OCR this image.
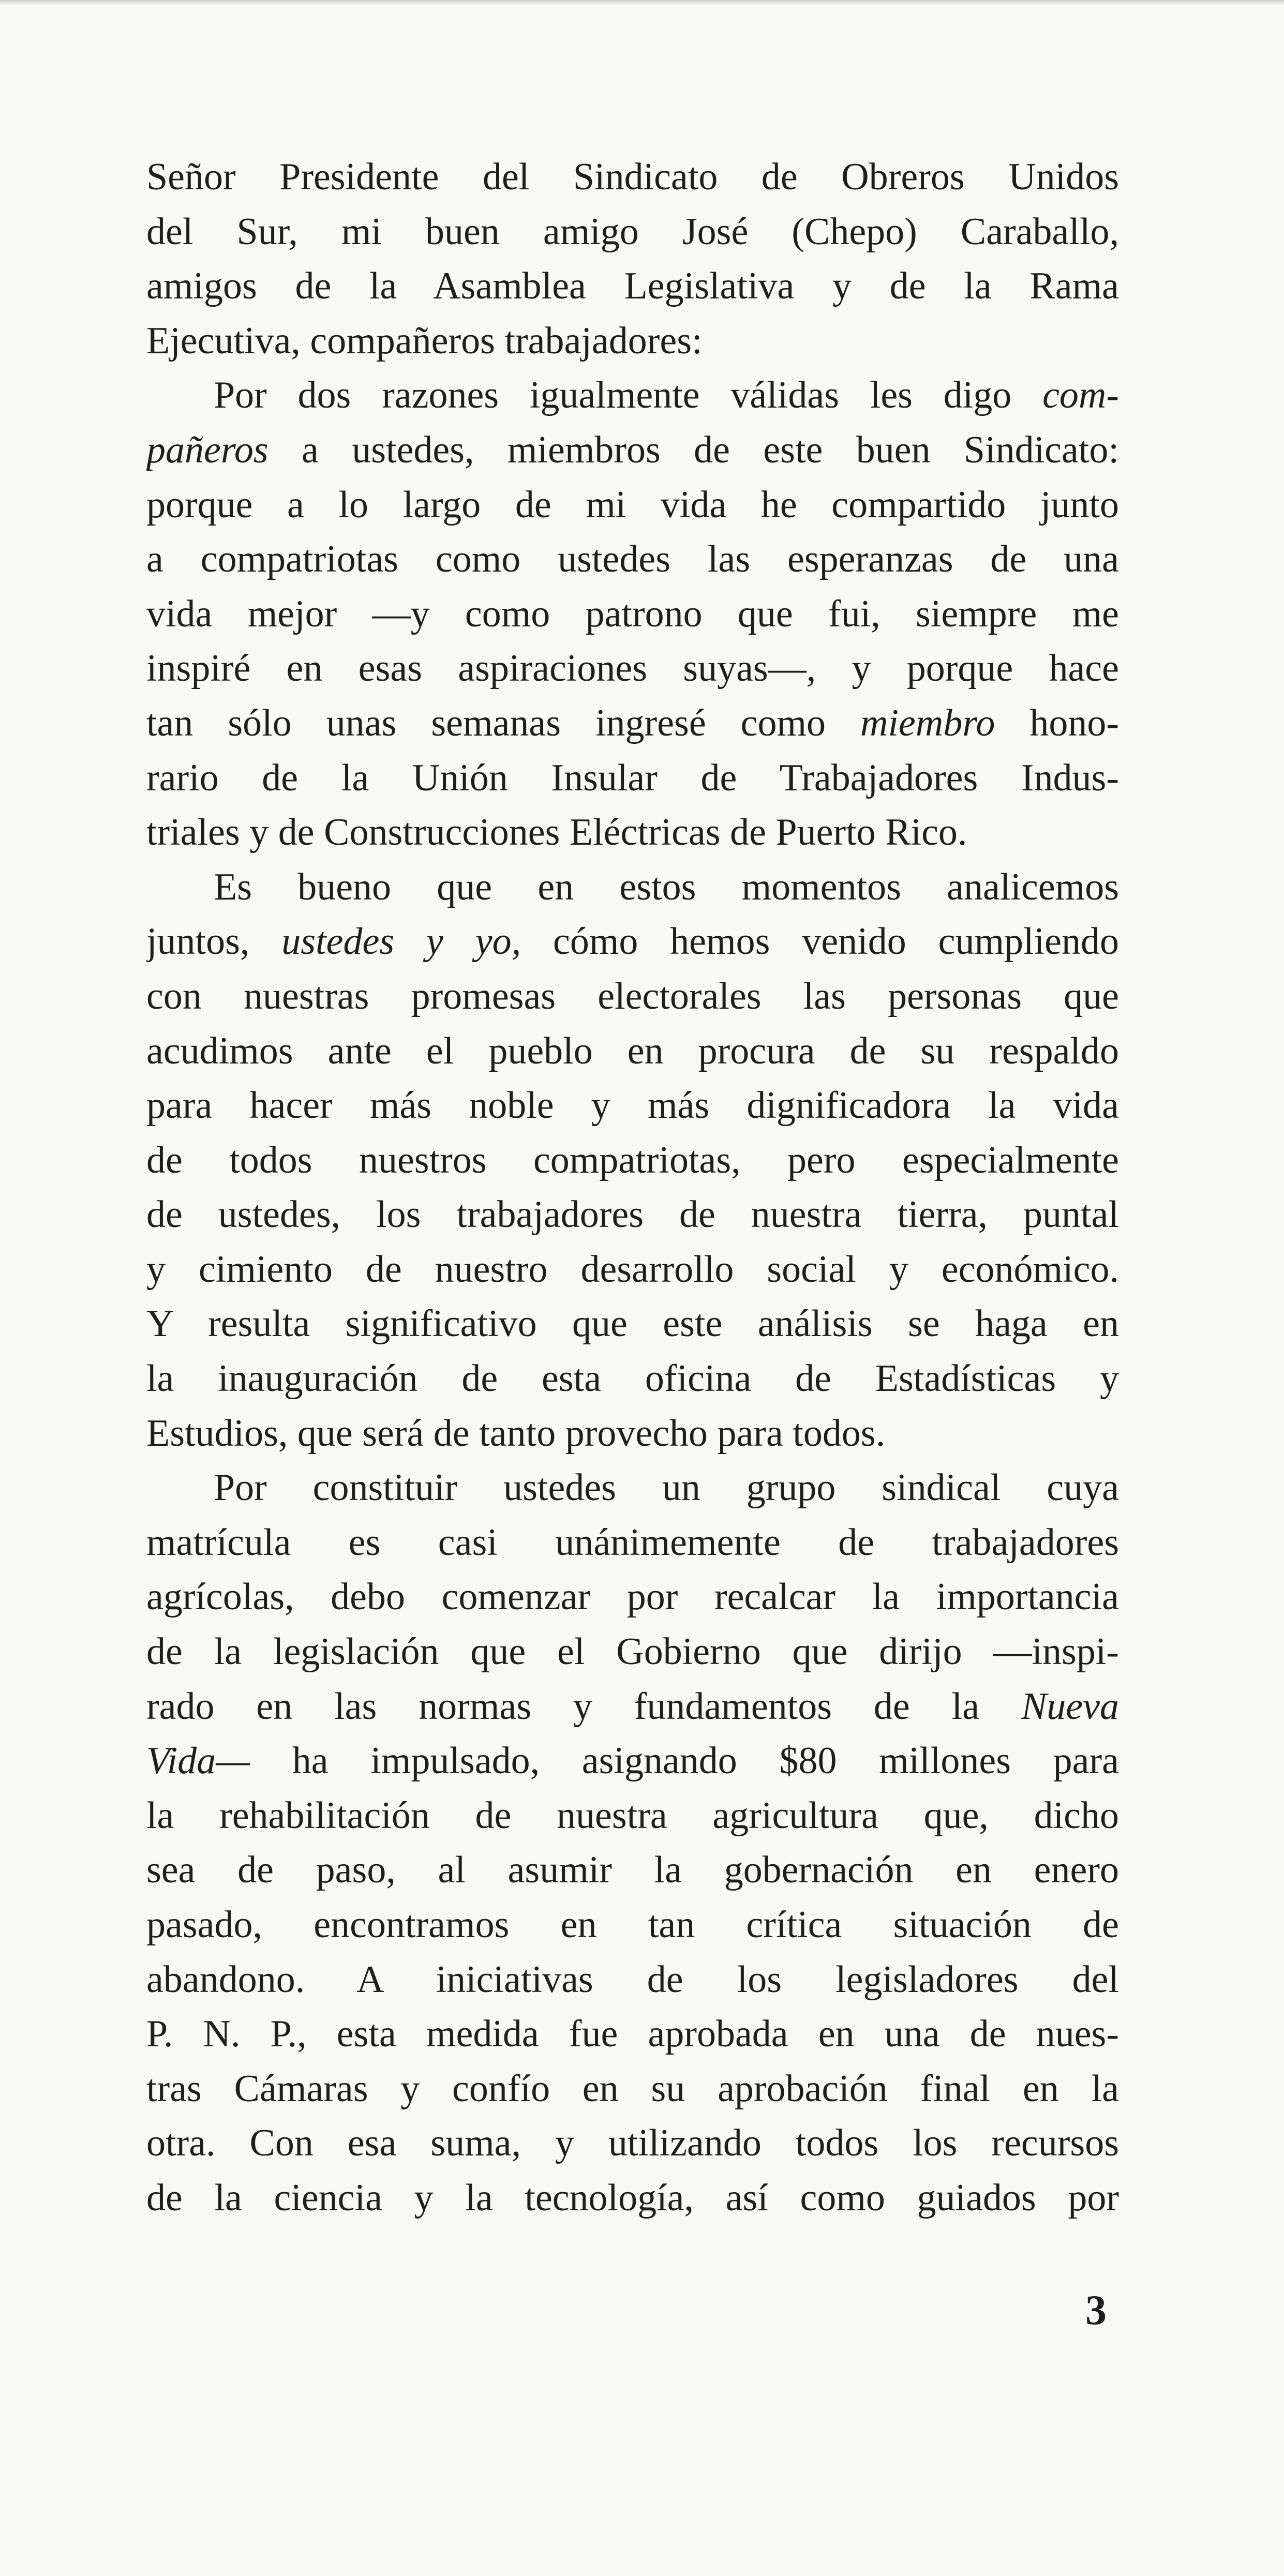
Señor Presidente del Sindicato de Obreros Unidos
del Sur, mi buen amigo José (Chepo) Caraballo,
amigos de la Asamblea Legislativa y de la Rama
Ejecutiva, compañeros trabajadores:
Por dos razones igualmente válidas les digo com-
pañeros a ustedes, miembros de este buen Sindicato:
porque a lo largo de mi vida he compartido junto
a compatriotas como ustedes las esperanzas de una
vida mejor —y como patrono que fui, siempre me
inspiré en esas aspiraciones suyas—, y porque hace
tan sólo unas semanas ingresé como miembro hono-
rario de la Unión Insular de Trabajadores Indus-
triales y de Construcciones Eléctricas de Puerto Rico.
Es bueno que en estos momentos analicemos
juntos, ustedes y yo, cómo hemos venido cumpliendo
con nuestras promesas electorales las personas que
acudimos ante el pueblo en procura de su respaldo
para hacer más noble y más dignificadora la vida
de todos nuestros compatriotas, pero especialmente
de ustedes, los trabajadores de nuestra tierra, puntal
y cimiento de nuestro desarrollo social y económico.
Y resulta significativo que este análisis se haga en
la inauguración de esta oficina de Estadísticas y
Estudios, que será de tanto provecho para todos.
Por constituir ustedes un grupo sindical cuya
matrícula es casi unánimemente de trabajadores
agrícolas, debo comenzar por recalcar la importancia
de la legislación que el Gobierno que dirijo —inspi-
rado en las normas y fundamentos de la Nueva
Vida— ha impulsado, asignando $80 millones para
la rehabilitación de nuestra agricultura que, dicho
sea de paso, al asumir la gobernación en enero
pasado, encontramos en tan crítica situación de
abandono. A iniciativas de los legisladores del
P. N. P., esta medida fue aprobada en una de nues-
tras Cámaras y confío en su aprobación final en la
otra. Con esa suma, y utilizando todos los recursos
de la ciencia y la tecnología, así como guiados por
3
